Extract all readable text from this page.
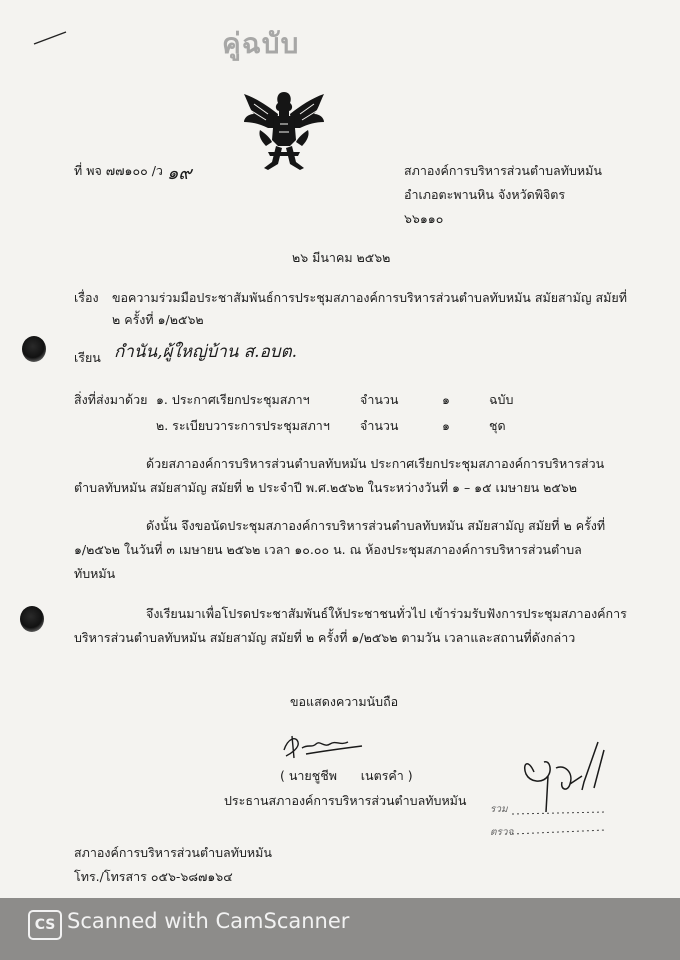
คู่ฉบับ
ที่ พจ ๗๗๑๐๐ /ว ๑๙	สภาองค์การบริหารส่วนตำบลทับหมัน
อำเภอตะพานหิน จังหวัดพิจิตร
๖๖๑๑๐
๒๖ มีนาคม ๒๕๖๒
เรื่อง ขอความร่วมมือประชาสัมพันธ์การประชุมสภาองค์การบริหารส่วนตำบลทับหมัน สมัยสามัญ สมัยที่
๒ ครั้งที่ ๑/๒๕๖๒
เรียน กำนัน,ผู้ใหญ่บ้าน ส.อบต.
สิ่งที่ส่งมาด้วย ๑. ประกาศเรียกประชุมสภาฯ	จำนวน	๑	ฉบับ
๒. ระเบียบวาระการประชุมสภาฯ จำนวน	๑	ชุด
ด้วยสภาองค์การบริหารส่วนตำบลทับหมัน ประกาศเรียกประชุมสภาองค์การบริหารส่วน
ตำบลทับหมัน สมัยสามัญ สมัยที่ ๒ ประจำปี พ.ศ.๒๕๖๒ ในระหว่างวันที่ ๑ – ๑๕ เมษายน ๒๕๖๒
ดังนั้น จึงขอนัดประชุมสภาองค์การบริหารส่วนตำบลทับหมัน สมัยสามัญ สมัยที่ ๒ ครั้งที่
๑/๒๕๖๒ ในวันที่ ๓ เมษายน ๒๕๖๒ เวลา ๑๐.๐๐ น. ณ ห้องประชุมสภาองค์การบริหารส่วนตำบล
ทับหมัน
จึงเรียนมาเพื่อโปรดประชาสัมพันธ์ให้ประชาชนทั่วไป เข้าร่วมรับฟังการประชุมสภาองค์การ
บริหารส่วนตำบลทับหมัน สมัยสามัญ สมัยที่ ๒ ครั้งที่ ๑/๒๕๖๒ ตามวัน เวลาและสถานที่ดังกล่าว
ขอแสดงความนับถือ
( นายชูชีพ      เนตรคำ )
ประธานสภาองค์การบริหารส่วนตำบลทับหมัน
รวม
ตรวจ
สภาองค์การบริหารส่วนตำบลทับหมัน
โทร./โทรสาร ๐๕๖-๖๘๗๑๖๔
CS Scanned with CamScanner
